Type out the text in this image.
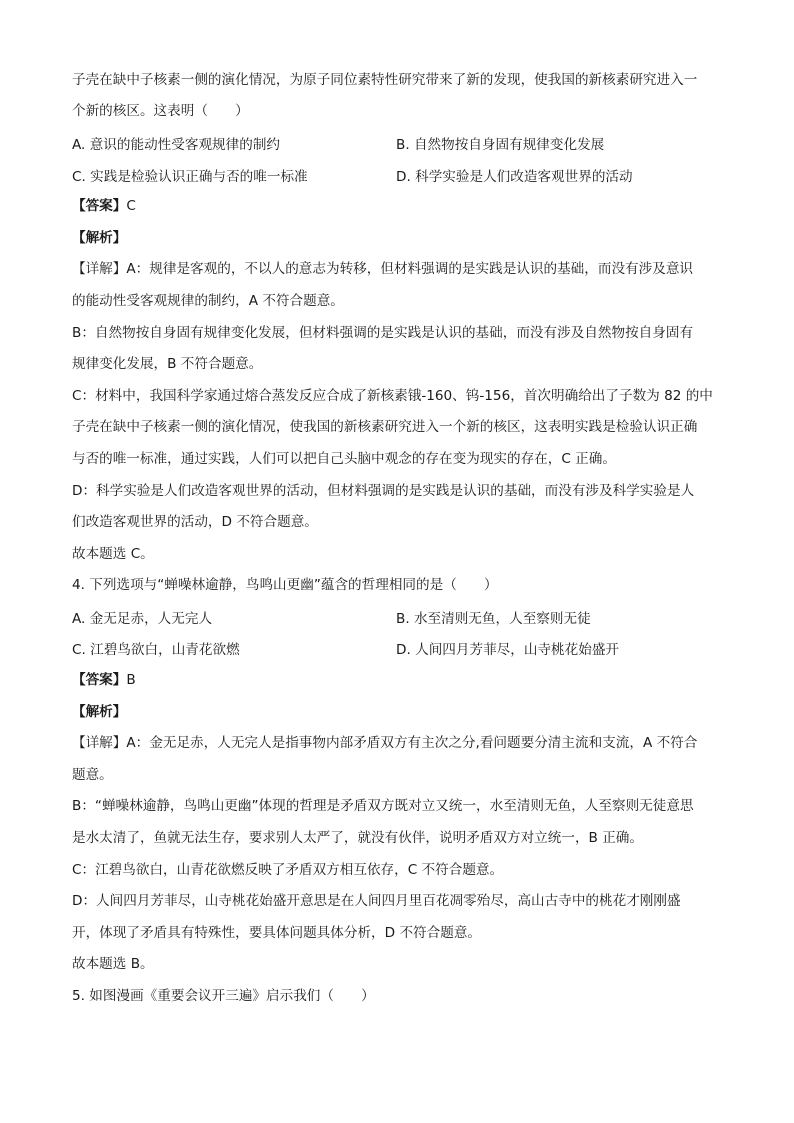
子壳在缺中子核素一侧的演化情况，为原子同位素特性研究带来了新的发现，使我国的新核素研究进入一
个新的核区。这表明（　　）
A. 意识的能动性受客观规律的制约	B. 自然物按自身固有规律变化发展
C. 实践是检验认识正确与否的唯一标准	D. 科学实验是人们改造客观世界的活动
【答案】 C
【解析】
【详解】A：规律是客观的，不以人的意志为转移，但材料强调的是实践是认识的基础，而没有涉及意识
的能动性受客观规律的制约，A 不符合题意。
B：自然物按自身固有规律变化发展，但材料强调的是实践是认识的基础，而没有涉及自然物按自身固有
规律变化发展，B 不符合题意。
C：材料中，我国科学家通过熔合蒸发反应合成了新核素锇-160、钨-156，首次明确给出了子数为 82 的中
子壳在缺中子核素一侧的演化情况，使我国的新核素研究进入一个新的核区，这表明实践是检验认识正确
与否的唯一标准，通过实践，人们可以把自己头脑中观念的存在变为现实的存在，C 正确。
D：科学实验是人们改造客观世界的活动，但材料强调的是实践是认识的基础，而没有涉及科学实验是人
们改造客观世界的活动，D 不符合题意。
故本题选 C。
4. 下列选项与“蝉噪林逾静，鸟鸣山更幽”蕴含的哲理相同的是（　　）
A. 金无足赤，人无完人	B. 水至清则无鱼，人至察则无徒
C. 江碧鸟欲白，山青花欲燃	D. 人间四月芳菲尽，山寺桃花始盛开
【答案】 B
【解析】
【详解】A：金无足赤，人无完人是指事物内部矛盾双方有主次之分,看问题要分清主流和支流，A 不符合
题意。
B：“蝉噪林逾静，鸟鸣山更幽”体现的哲理是矛盾双方既对立又统一，水至清则无鱼，人至察则无徒意思
是水太清了，鱼就无法生存，要求别人太严了，就没有伙伴，说明矛盾双方对立统一，B 正确。
C：江碧鸟欲白，山青花欲燃反映了矛盾双方相互依存，C 不符合题意。
D：人间四月芳菲尽，山寺桃花始盛开意思是在人间四月里百花凋零殆尽，高山古寺中的桃花才刚刚盛
开，体现了矛盾具有特殊性，要具体问题具体分析，D 不符合题意。
故本题选 B。
5. 如图漫画《重要会议开三遍》启示我们（　　）
